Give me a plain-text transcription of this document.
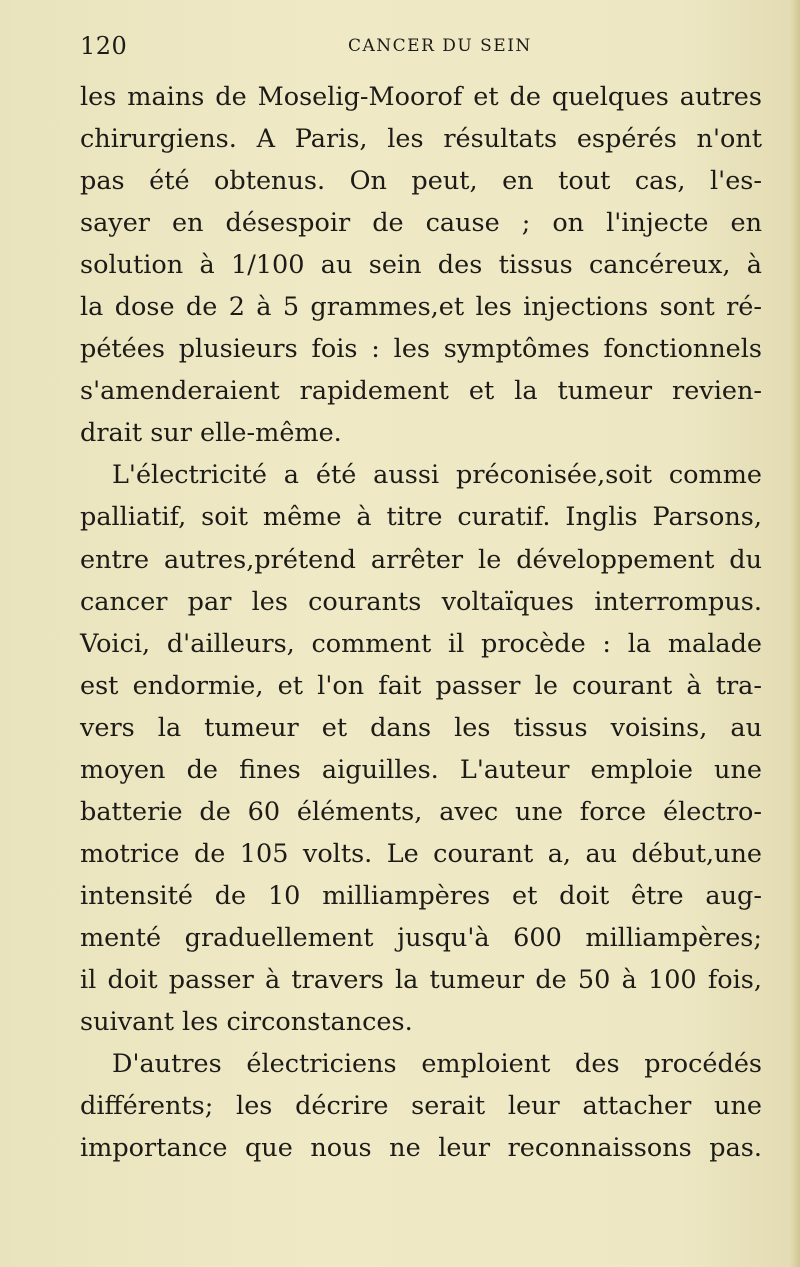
120	CANCER DU SEIN
les mains de Moselig-Moorof et de quelques autres
chirurgiens. A Paris, les résultats espérés n'ont
pas été obtenus. On peut, en tout cas, l'es-
sayer en désespoir de cause ; on l'injecte en
solution à 1/100 au sein des tissus cancéreux, à
la dose de 2 à 5 grammes,et les injections sont ré-
pétées plusieurs fois : les symptômes fonctionnels
s'amenderaient rapidement et la tumeur revien-
drait sur elle-même.
L'électricité a été aussi préconisée,soit comme
palliatif, soit même à titre curatif. Inglis Parsons,
entre autres,prétend arrêter le développement du
cancer par les courants voltaïques interrompus.
Voici, d'ailleurs, comment il procède : la malade
est endormie, et l'on fait passer le courant à tra-
vers la tumeur et dans les tissus voisins, au
moyen de fines aiguilles. L'auteur emploie une
batterie de 60 éléments, avec une force électro-
motrice de 105 volts. Le courant a, au début,une
intensité de 10 milliampères et doit être aug-
menté graduellement jusqu'à 600 milliampères;
il doit passer à travers la tumeur de 50 à 100 fois,
suivant les circonstances.
D'autres électriciens emploient des procédés
différents; les décrire serait leur attacher une
importance que nous ne leur reconnaissons pas.
